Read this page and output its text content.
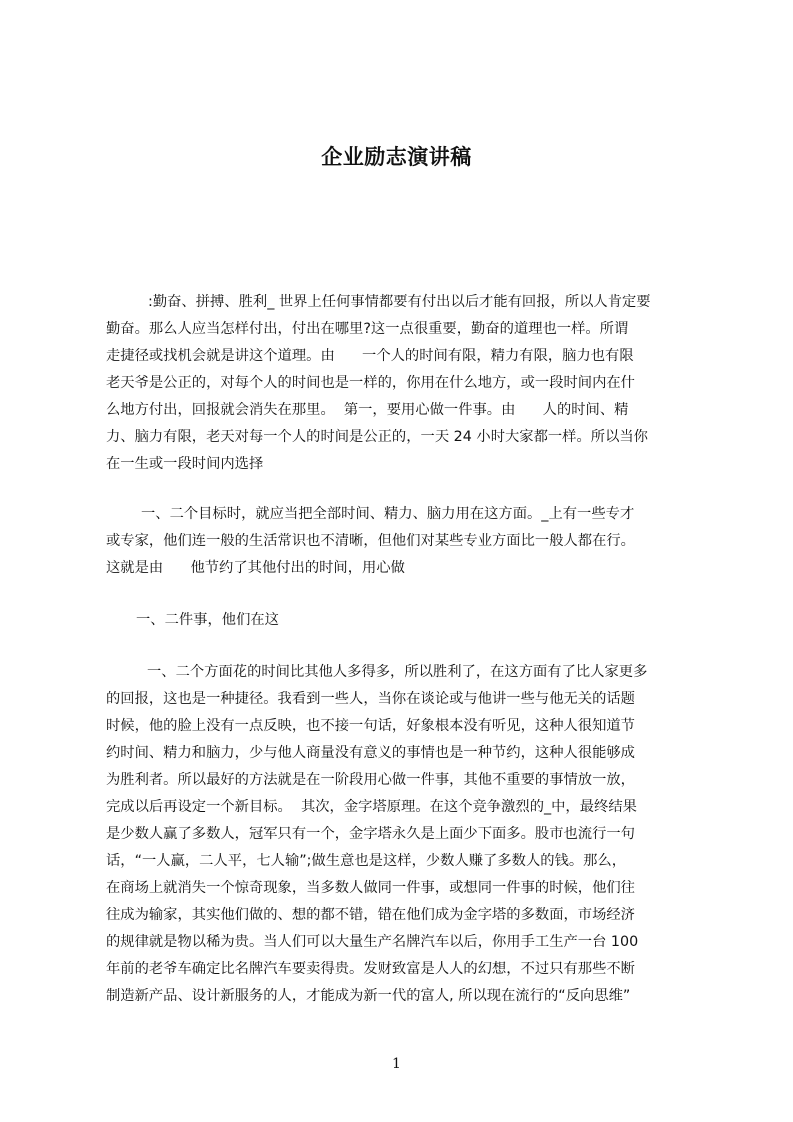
企业励志演讲稿

:勤奋、拼搏、胜利_ 世界上任何事情都要有付出以后才能有回报，所以人肯定要

勤奋。那么人应当怎样付出，付出在哪里?这一点很重要，勤奋的道理也一样。所谓

走捷径或找机会就是讲这个道理。由      一个人的时间有限，精力有限，脑力也有限

老天爷是公正的，对每个人的时间也是一样的，你用在什么地方，或一段时间内在什

么地方付出，回报就会消失在那里。  第一，要用心做一件事。由      人的时间、精

力、脑力有限，老天对每一个人的时间是公正的，一天 24 小时大家都一样。所以当你

在一生或一段时间内选择

一、二个目标时，就应当把全部时间、精力、脑力用在这方面。_上有一些专才

或专家，他们连一般的生活常识也不清晰，但他们对某些专业方面比一般人都在行。

这就是由      他节约了其他付出的时间，用心做

一、二件事，他们在这

一、二个方面花的时间比其他人多得多，所以胜利了，在这方面有了比人家更多

的回报，这也是一种捷径。我看到一些人，当你在谈论或与他讲一些与他无关的话题

时候，他的脸上没有一点反映，也不接一句话，好象根本没有听见，这种人很知道节

约时间、精力和脑力，少与他人商量没有意义的事情也是一种节约，这种人很能够成

为胜利者。所以最好的方法就是在一阶段用心做一件事，其他不重要的事情放一放，

完成以后再设定一个新目标。  其次，金字塔原理。在这个竞争激烈的_中，最终结果

是少数人赢了多数人，冠军只有一个，金字塔永久是上面少下面多。股市也流行一句

话，“一人赢，二人平，七人输”;做生意也是这样，少数人赚了多数人的钱。那么，

在商场上就消失一个惊奇现象，当多数人做同一件事，或想同一件事的时候，他们往

往成为输家，其实他们做的、想的都不错，错在他们成为金字塔的多数面，市场经济

的规律就是物以稀为贵。当人们可以大量生产名牌汽车以后，你用手工生产一台 100

年前的老爷车确定比名牌汽车要卖得贵。发财致富是人人的幻想，不过只有那些不断

制造新产品、设计新服务的人，才能成为新一代的富人, 所以现在流行的“反向思维”

1
